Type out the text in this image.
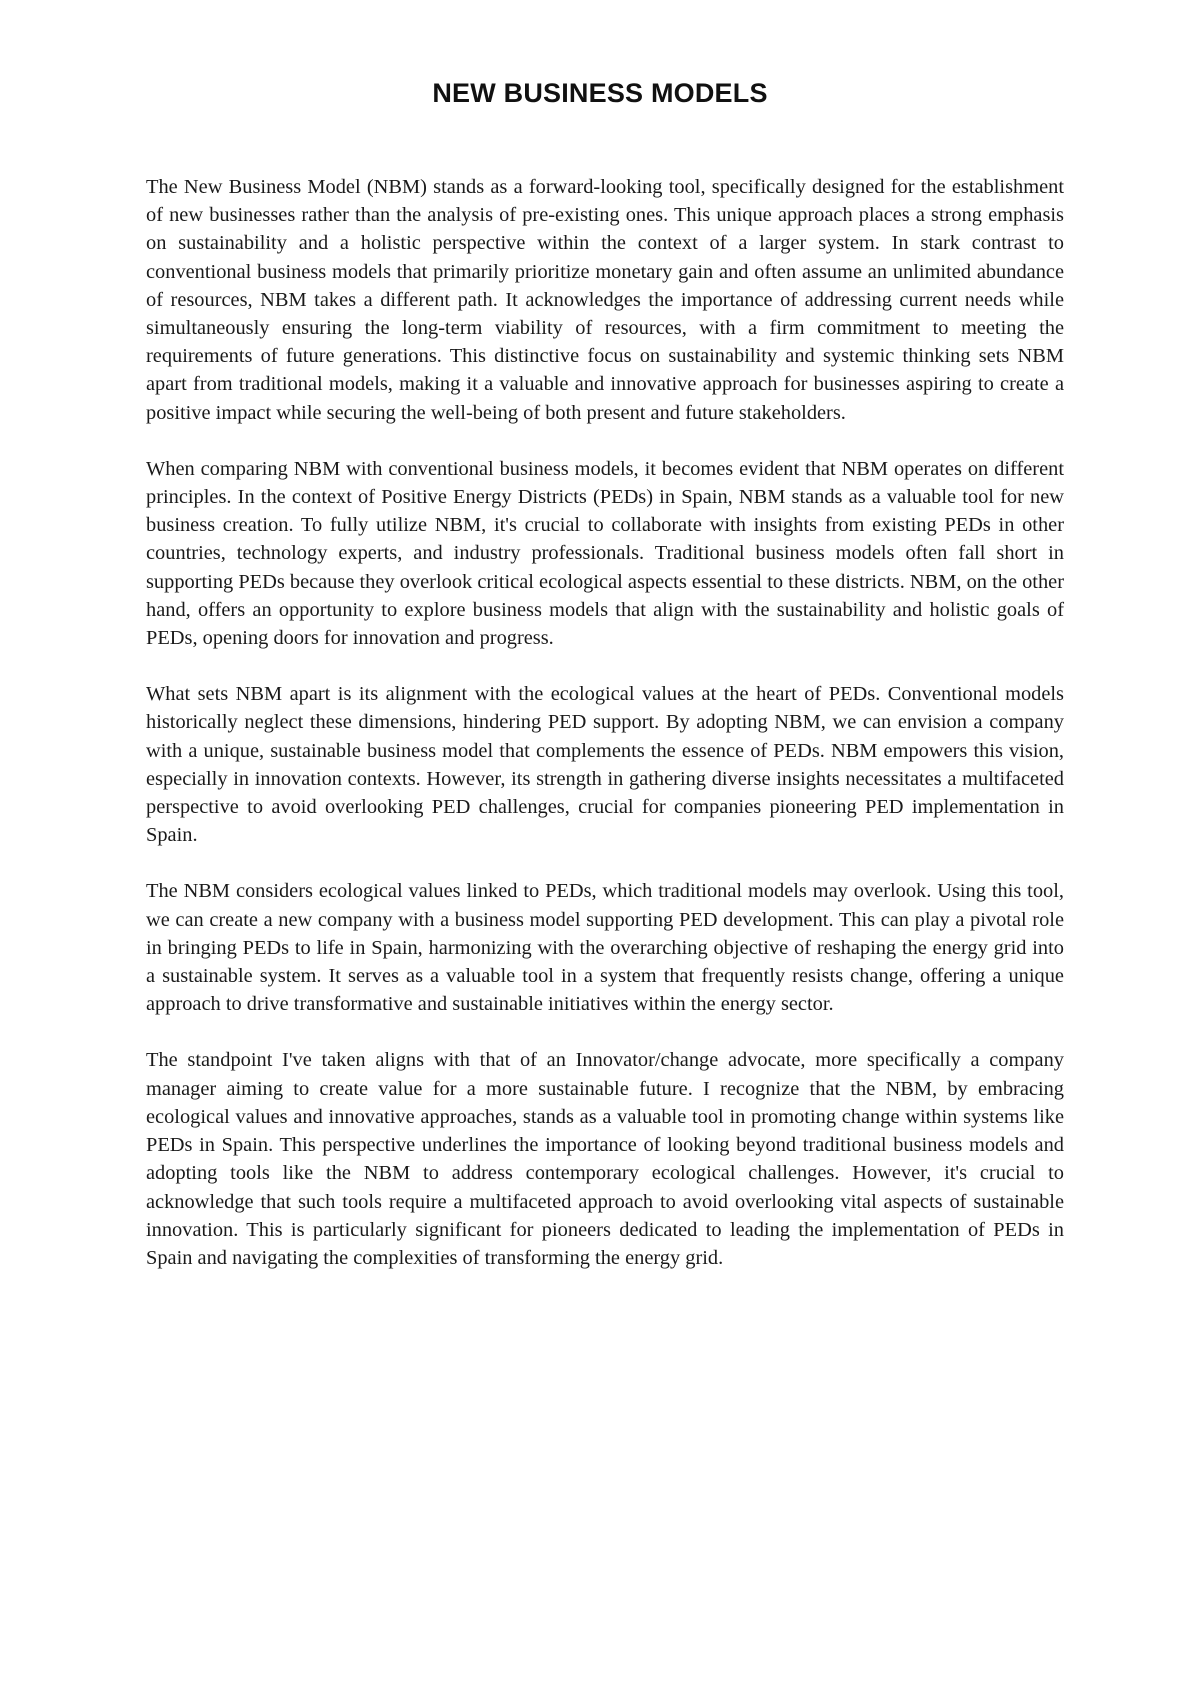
NEW BUSINESS MODELS

The New Business Model (NBM) stands as a forward-looking tool, specifically designed for the establishment of new businesses rather than the analysis of pre-existing ones. This unique approach places a strong emphasis on sustainability and a holistic perspective within the context of a larger system. In stark contrast to conventional business models that primarily prioritize monetary gain and often assume an unlimited abundance of resources, NBM takes a different path. It acknowledges the importance of addressing current needs while simultaneously ensuring the long-term viability of resources, with a firm commitment to meeting the requirements of future generations. This distinctive focus on sustainability and systemic thinking sets NBM apart from traditional models, making it a valuable and innovative approach for businesses aspiring to create a positive impact while securing the well-being of both present and future stakeholders.

When comparing NBM with conventional business models, it becomes evident that NBM operates on different principles. In the context of Positive Energy Districts (PEDs) in Spain, NBM stands as a valuable tool for new business creation. To fully utilize NBM, it's crucial to collaborate with insights from existing PEDs in other countries, technology experts, and industry professionals. Traditional business models often fall short in supporting PEDs because they overlook critical ecological aspects essential to these districts. NBM, on the other hand, offers an opportunity to explore business models that align with the sustainability and holistic goals of PEDs, opening doors for innovation and progress.

What sets NBM apart is its alignment with the ecological values at the heart of PEDs. Conventional models historically neglect these dimensions, hindering PED support. By adopting NBM, we can envision a company with a unique, sustainable business model that complements the essence of PEDs. NBM empowers this vision, especially in innovation contexts. However, its strength in gathering diverse insights necessitates a multifaceted perspective to avoid overlooking PED challenges, crucial for companies pioneering PED implementation in Spain.

The NBM considers ecological values linked to PEDs, which traditional models may overlook. Using this tool, we can create a new company with a business model supporting PED development. This can play a pivotal role in bringing PEDs to life in Spain, harmonizing with the overarching objective of reshaping the energy grid into a sustainable system. It serves as a valuable tool in a system that frequently resists change, offering a unique approach to drive transformative and sustainable initiatives within the energy sector.

The standpoint I've taken aligns with that of an Innovator/change advocate, more specifically a company manager aiming to create value for a more sustainable future. I recognize that the NBM, by embracing ecological values and innovative approaches, stands as a valuable tool in promoting change within systems like PEDs in Spain. This perspective underlines the importance of looking beyond traditional business models and adopting tools like the NBM to address contemporary ecological challenges. However, it's crucial to acknowledge that such tools require a multifaceted approach to avoid overlooking vital aspects of sustainable innovation. This is particularly significant for pioneers dedicated to leading the implementation of PEDs in Spain and navigating the complexities of transforming the energy grid.
